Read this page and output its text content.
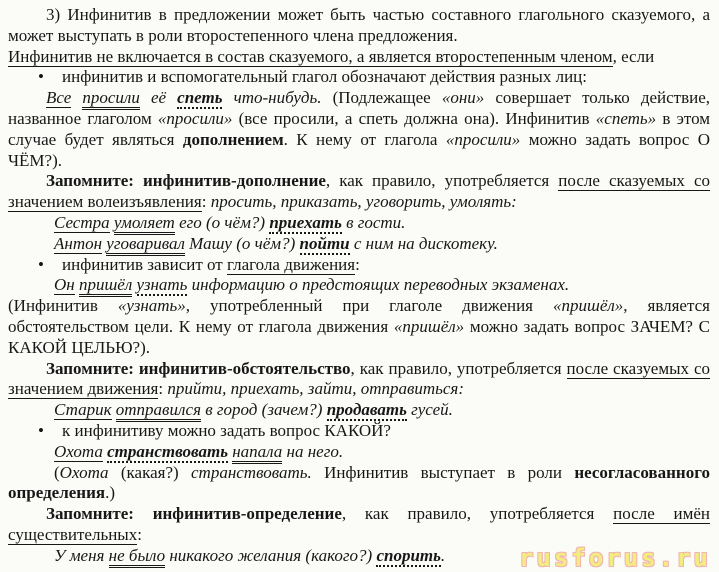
3) Инфинитив в предложении может быть частью составного глагольного сказуемого, а может выступать в роли второстепенного члена предложения.
Инфинитив не включается в состав сказуемого, а является второстепенным членом, если
• инфинитив и вспомогательный глагол обозначают действия разных лиц:
Все просили её спеть что-нибудь. (Подлежащее «они» совершает только действие, названное глаголом «просили» (все просили, а спеть должна она). Инфинитив «спеть» в этом случае будет являться дополнением. К нему от глагола «просили» можно задать вопрос О ЧЁМ?).
Запомните: инфинитив-дополнение, как правило, употребляется после сказуемых со значением волеизъявления: просить, приказать, уговорить, умолять:
Сестра умоляет его (о чём?) приехать в гости.
Антон уговаривал Машу (о чём?) пойти с ним на дискотеку.
• инфинитив зависит от глагола движения:
Он пришёл узнать информацию о предстоящих переводных экзаменах.
(Инфинитив «узнать», употребленный при глаголе движения «пришёл», является обстоятельством цели. К нему от глагола движения «пришёл» можно задать вопрос ЗАЧЕМ? С КАКОЙ ЦЕЛЬЮ?).
Запомните: инфинитив-обстоятельство, как правило, употребляется после сказуемых со значением движения: прийти, приехать, зайти, отправиться:
Старик отправился в город (зачем?) продавать гусей.
• к инфинитиву можно задать вопрос КАКОЙ?
Охота странствовать напала на него.
(Охота (какая?) странствовать. Инфинитив выступает в роли несогласованного определения.)
Запомните: инфинитив-определение, как правило, употребляется после имён существительных:
У меня не было никакого желания (какого?) спорить.	rusforus.ru
